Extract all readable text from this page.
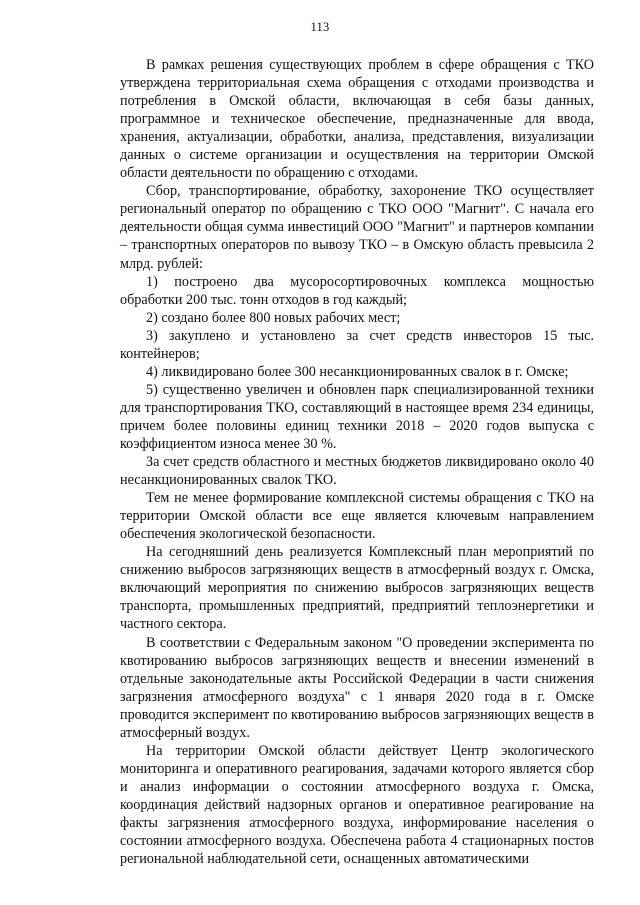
113

В рамках решения существующих проблем в сфере обращения с ТКО утверждена территориальная схема обращения с отходами производства и потребления в Омской области, включающая в себя базы данных, программное и техническое обеспечение, предназначенные для ввода, хранения, актуализации, обработки, анализа, представления, визуализации данных о системе организации и осуществления на территории Омской области деятельности по обращению с отходами.

Сбор, транспортирование, обработку, захоронение ТКО осуществляет региональный оператор по обращению с ТКО ООО "Магнит". С начала его деятельности общая сумма инвестиций ООО "Магнит" и партнеров компании – транспортных операторов по вывозу ТКО – в Омскую область превысила 2 млрд. рублей:

1) построено два мусоросортировочных комплекса мощностью обработки 200 тыс. тонн отходов в год каждый;

2) создано более 800 новых рабочих мест;

3) закуплено и установлено за счет средств инвесторов 15 тыс. контейнеров;

4) ликвидировано более 300 несанкционированных свалок в г. Омске;

5) существенно увеличен и обновлен парк специализированной техники для транспортирования ТКО, составляющий в настоящее время 234 единицы, причем более половины единиц техники 2018 – 2020 годов выпуска с коэффициентом износа менее 30 %.

За счет средств областного и местных бюджетов ликвидировано около 40 несанкционированных свалок ТКО.

Тем не менее формирование комплексной системы обращения с ТКО на территории Омской области все еще является ключевым направлением обеспечения экологической безопасности.

На сегодняшний день реализуется Комплексный план мероприятий по снижению выбросов загрязняющих веществ в атмосферный воздух г. Омска, включающий мероприятия по снижению выбросов загрязняющих веществ транспорта, промышленных предприятий, предприятий теплоэнергетики и частного сектора.

В соответствии с Федеральным законом "О проведении эксперимента по квотированию выбросов загрязняющих веществ и внесении изменений в отдельные законодательные акты Российской Федерации в части снижения загрязнения атмосферного воздуха" с 1 января 2020 года в г. Омске проводится эксперимент по квотированию выбросов загрязняющих веществ в атмосферный воздух.

На территории Омской области действует Центр экологического мониторинга и оперативного реагирования, задачами которого является сбор и анализ информации о состоянии атмосферного воздуха г. Омска, координация действий надзорных органов и оперативное реагирование на факты загрязнения атмосферного воздуха, информирование населения о состоянии атмосферного воздуха. Обеспечена работа 4 стационарных постов региональной наблюдательной сети, оснащенных автоматическими
